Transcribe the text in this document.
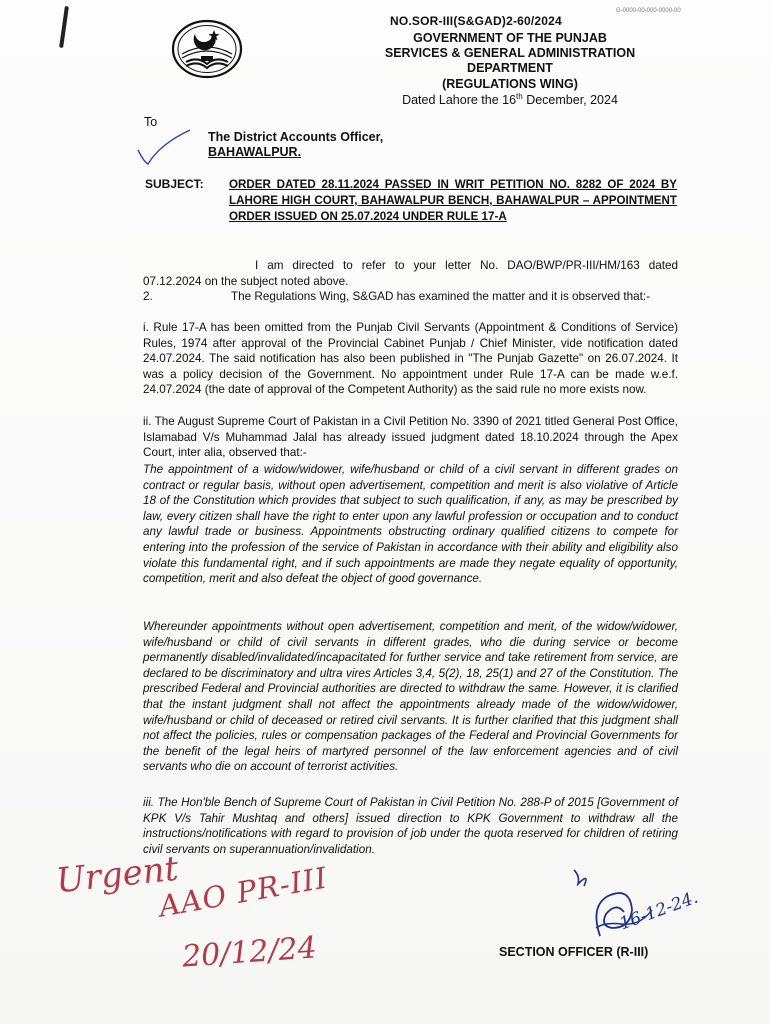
G-0000-00-000-0000-00
NO.SOR-III(S&GAD)2-60/2024
GOVERNMENT OF THE PUNJAB
SERVICES & GENERAL ADMINISTRATION
DEPARTMENT
(REGULATIONS WING)
Dated Lahore the 16th December, 2024
To
The District Accounts Officer,
BAHAWALPUR.
SUBJECT: ORDER DATED 28.11.2024 PASSED IN WRIT PETITION NO. 8282 OF 2024 BY LAHORE HIGH COURT, BAHAWALPUR BENCH, BAHAWALPUR – APPOINTMENT ORDER ISSUED ON 25.07.2024 UNDER RULE 17-A
I am directed to refer to your letter No. DAO/BWP/PR-III/HM/163 dated 07.12.2024 on the subject noted above.
2.	The Regulations Wing, S&GAD has examined the matter and it is observed that:-
i. Rule 17-A has been omitted from the Punjab Civil Servants (Appointment & Conditions of Service) Rules, 1974 after approval of the Provincial Cabinet Punjab / Chief Minister, vide notification dated 24.07.2024. The said notification has also been published in "The Punjab Gazette" on 26.07.2024. It was a policy decision of the Government. No appointment under Rule 17-A can be made w.e.f. 24.07.2024 (the date of approval of the Competent Authority) as the said rule no more exists now.
ii. The August Supreme Court of Pakistan in a Civil Petition No. 3390 of 2021 titled General Post Office, Islamabad V/s Muhammad Jalal has already issued judgment dated 18.10.2024 through the Apex Court, inter alia, observed that:-
The appointment of a widow/widower, wife/husband or child of a civil servant in different grades on contract or regular basis, without open advertisement, competition and merit is also violative of Article 18 of the Constitution which provides that subject to such qualification, if any, as may be prescribed by law, every citizen shall have the right to enter upon any lawful profession or occupation and to conduct any lawful trade or business. Appointments obstructing ordinary qualified citizens to compete for entering into the profession of the service of Pakistan in accordance with their ability and eligibility also violate this fundamental right, and if such appointments are made they negate equality of opportunity, competition, merit and also defeat the object of good governance.
Whereunder appointments without open advertisement, competition and merit, of the widow/widower, wife/husband or child of civil servants in different grades, who die during service or become permanently disabled/invalidated/incapacitated for further service and take retirement from service, are declared to be discriminatory and ultra vires Articles 3,4, 5(2), 18, 25(1) and 27 of the Constitution. The prescribed Federal and Provincial authorities are directed to withdraw the same. However, it is clarified that the instant judgment shall not affect the appointments already made of the widow/widower, wife/husband or child of deceased or retired civil servants. It is further clarified that this judgment shall not affect the policies, rules or compensation packages of the Federal and Provincial Governments for the benefit of the legal heirs of martyred personnel of the law enforcement agencies and of civil servants who die on account of terrorist activities.
iii. The Hon'ble Bench of Supreme Court of Pakistan in Civil Petition No. 288-P of 2015 [Government of KPK V/s Tahir Mushtaq and others] issued direction to KPK Government to withdraw all the instructions/notifications with regard to provision of job under the quota reserved for children of retiring civil servants on superannuation/invalidation.
Urgent
AAO PR-III
20/12/24
16-12-24.
SECTION OFFICER (R-III)
